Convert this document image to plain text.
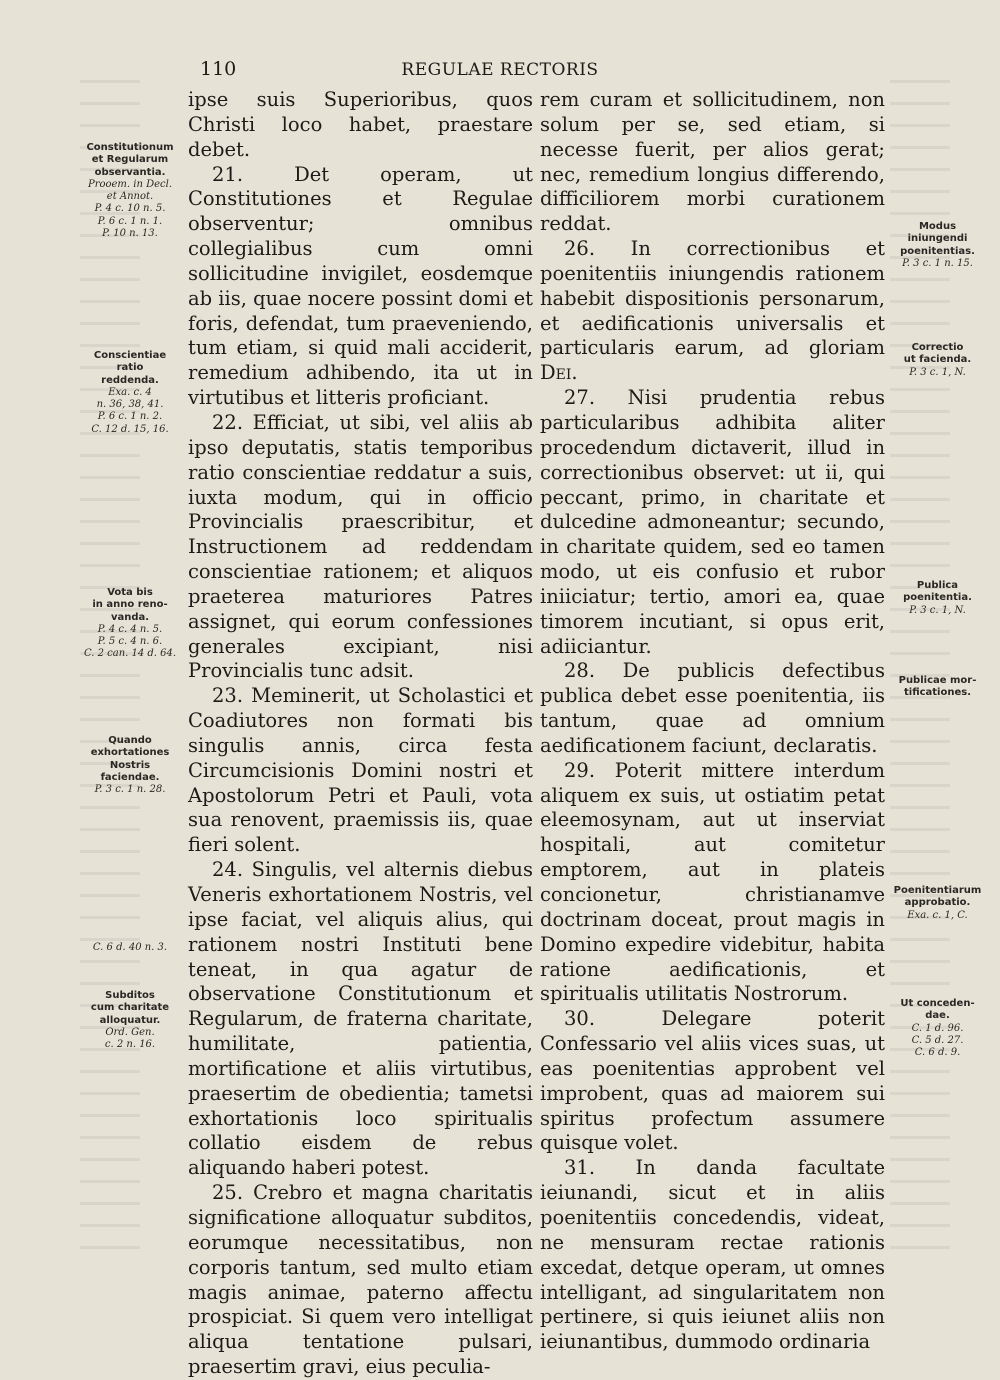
110	REGULAE RECTORIS

ipse suis Superioribus, quos Christi loco habet, praestare debet.

21. Det operam, ut Constitutiones et Regulae observentur; omnibus collegialibus cum omni sollicitudine invigilet, eosdemque ab iis, quae nocere possint domi et foris, defendat, tum praeveniendo, tum etiam, si quid mali acciderit, remedium adhibendo, ita ut in virtutibus et litteris proficiant.

22. Efficiat, ut sibi, vel aliis ab ipso deputatis, statis temporibus ratio conscientiae reddatur a suis, iuxta modum, qui in officio Provincialis praescribitur, et Instructionem ad reddendam conscientiae rationem; et aliquos praeterea maturiores Patres assignet, qui eorum confessiones generales excipiant, nisi Provincialis tunc adsit.

23. Meminerit, ut Scholastici et Coadiutores non formati bis singulis annis, circa festa Circumcisionis Domini nostri et Apostolorum Petri et Pauli, vota sua renovent, praemissis iis, quae fieri solent.

24. Singulis, vel alternis diebus Veneris exhortationem Nostris, vel ipse faciat, vel aliquis alius, qui rationem nostri Instituti bene teneat, in qua agatur de observatione Constitutionum et Regularum, de fraterna charitate, humilitate, patientia, mortificatione et aliis virtutibus, praesertim de obedientia; tametsi exhortationis loco spiritualis collatio eisdem de rebus aliquando haberi potest.

25. Crebro et magna charitatis significatione alloquatur subditos, eorumque necessitatibus, non corporis tantum, sed multo etiam magis animae, paterno affectu prospiciat. Si quem vero intelligat aliqua tentatione pulsari, praesertim gravi, eius peculia-

rem curam et sollicitudinem, non solum per se, sed etiam, si necesse fuerit, per alios gerat; nec, remedium longius differendo, difficiliorem morbi curationem reddat.

26. In correctionibus et poenitentiis iniungendis rationem habebit dispositionis personarum, et aedificationis universalis et particularis earum, ad gloriam Dei.

27. Nisi prudentia rebus particularibus adhibita aliter procedendum dictaverit, illud in correctionibus observet: ut ii, qui peccant, primo, in charitate et dulcedine admoneantur; secundo, in charitate quidem, sed eo tamen modo, ut eis confusio et rubor iniiciatur; tertio, amori ea, quae timorem incutiant, si opus erit, adiiciantur.

28. De publicis defectibus publica debet esse poenitentia, iis tantum, quae ad omnium aedificationem faciunt, declaratis.

29. Poterit mittere interdum aliquem ex suis, ut ostiatim petat eleemosynam, aut ut inserviat hospitali, aut comitetur emptorem, aut in plateis concionetur, christianamve doctrinam doceat, prout magis in Domino expedire videbitur, habita ratione aedificationis, et spiritualis utilitatis Nostrorum.

30. Delegare poterit Confessario vel aliis vices suas, ut eas poenitentias approbent vel improbent, quas ad maiorem sui spiritus profectum assumere quisque volet.

31. In danda facultate ieiunandi, sicut et in aliis poenitentiis concedendis, videat, ne mensuram rectae rationis excedat, detque operam, ut omnes intelligant, ad singularitatem non pertinere, si quis ieiunet aliis non ieiunantibus, dummodo ordinaria

Constitutionum
et Regularum
observantia.
Prooem. in Decl.
et Annot.
P. 4 c. 10 n. 5.
P. 6 c. 1 n. 1.
P. 10 n. 13.
Conscientiae
ratio
reddenda.
Exa. c. 4
n. 36, 38, 41.
P. 6 c. 1 n. 2.
C. 12 d. 15, 16.
Vota bis
in anno reno-
vanda.
P. 4 c. 4 n. 5.
P. 5 c. 4 n. 6.
C. 2 can. 14 d. 64.
Quando
exhortationes
Nostris
faciendae.
P. 3 c. 1 n. 28.
C. 6 d. 40 n. 3.
Subditos
cum charitate
alloquatur.
Ord. Gen.
c. 2 n. 16.
Modus
iniungendi
poenitentias.
P. 3 c. 1 n. 15.
Correctio
ut facienda.
P. 3 c. 1, N.
Publica
poenitentia.
P. 3 c. 1, N.
Publicae mor-
tificationes.
Poenitentiarum
approbatio.
Exa. c. 1, C.
Ut conceden-
dae.
C. 1 d. 96.
C. 5 d. 27.
C. 6 d. 9.
